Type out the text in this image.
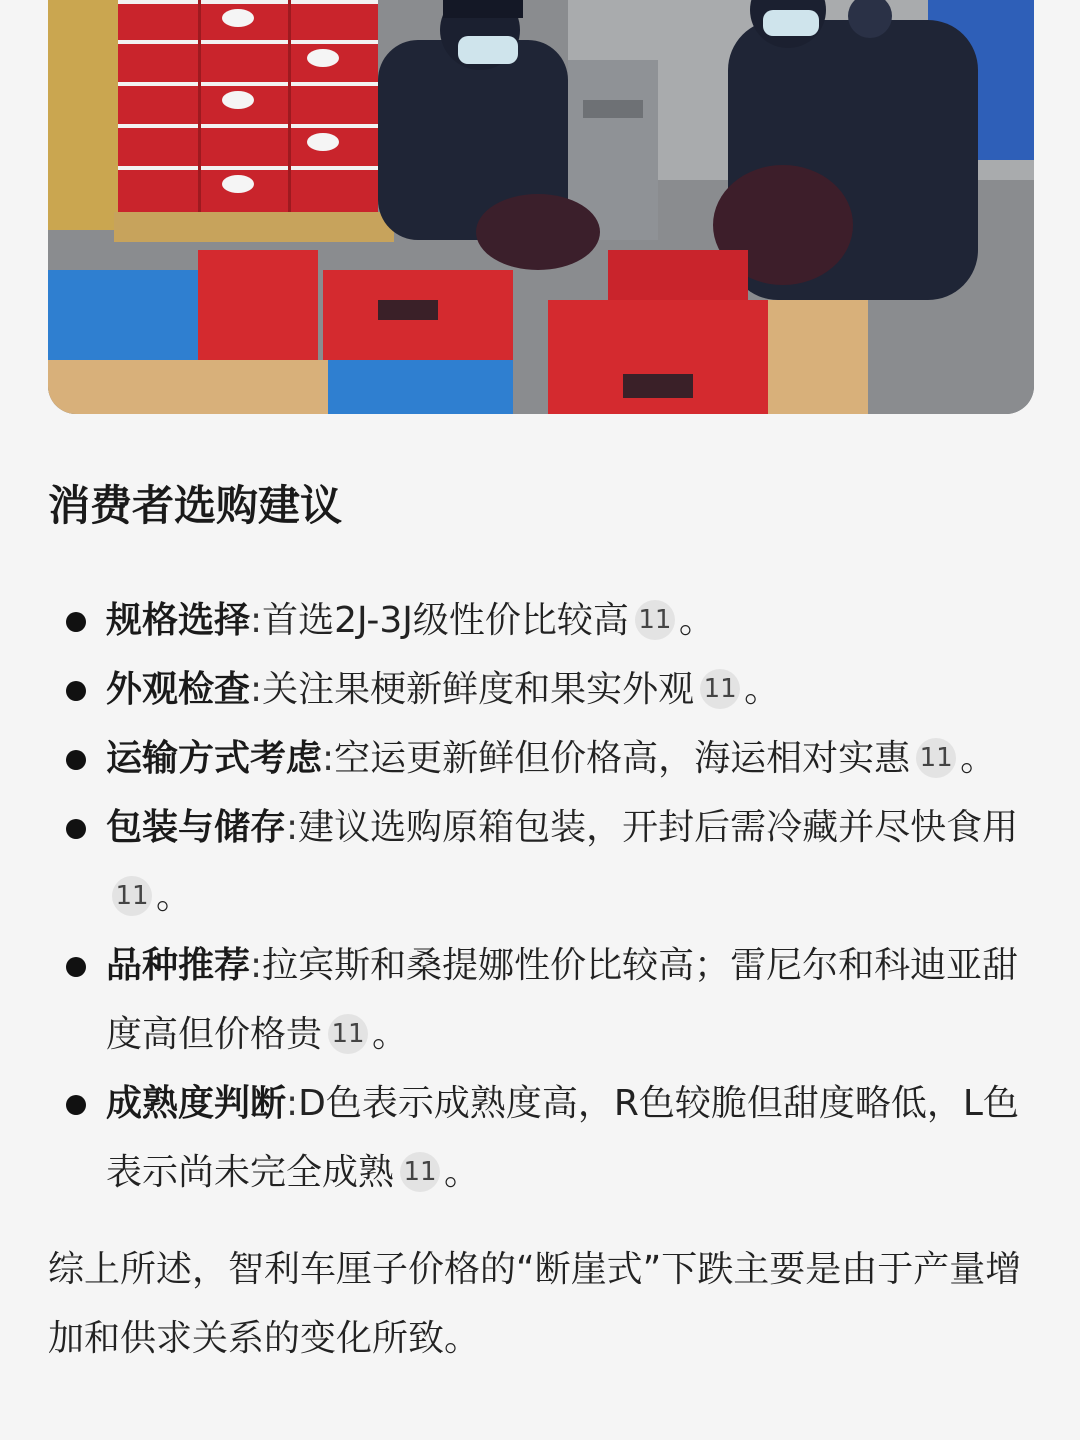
消费者选购建议
规格选择:首选2J-3J级性价比较高 11 。
外观检查:关注果梗新鲜度和果实外观 11 。
运输方式考虑:空运更新鲜但价格高，海运相对实惠 11 。
包装与储存:建议选购原箱包装，开封后需冷藏并尽快食用11 。
品种推荐:拉宾斯和桑提娜性价比较高；雷尼尔和科迪亚甜度高但价格贵 11 。
成熟度判断:D色表示成熟度高，R色较脆但甜度略低，L色表示尚未完全成熟 11 。

综上所述，智利车厘子价格的“断崖式”下跌主要是由于产量增加和供求关系的变化所致。
